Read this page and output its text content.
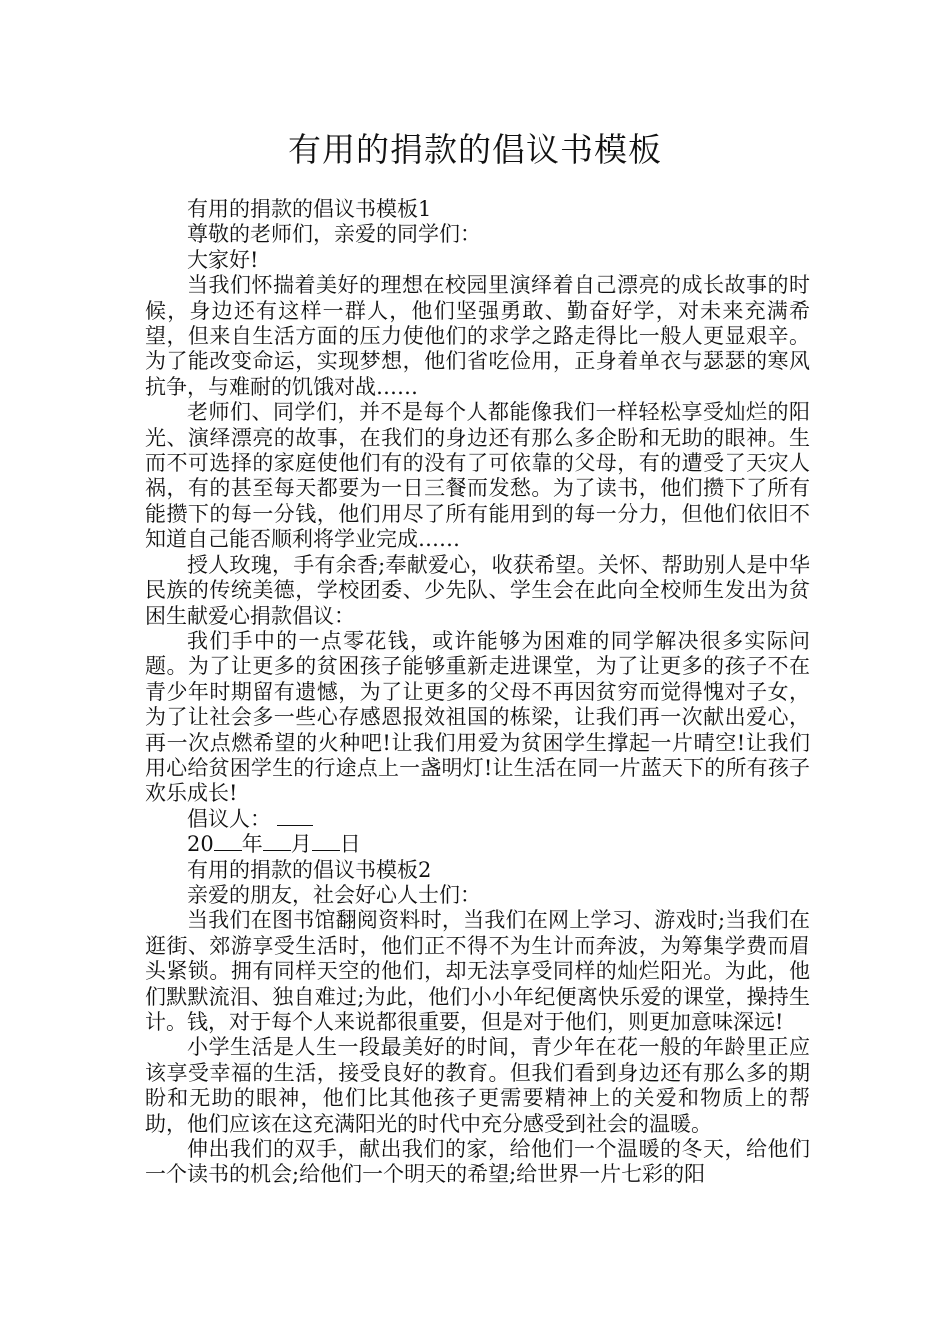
有用的捐款的倡议书模板

有用的捐款的倡议书模板1

尊敬的老师们，亲爱的同学们：

大家好!

当我们怀揣着美好的理想在校园里演绎着自己漂亮的成长故事的时候，身边还有这样一群人，他们坚强勇敢、勤奋好学，对未来充满希望，但来自生活方面的压力使他们的求学之路走得比一般人更显艰辛。为了能改变命运，实现梦想，他们省吃俭用，正身着单衣与瑟瑟的寒风抗争，与难耐的饥饿对战……

老师们、同学们，并不是每个人都能像我们一样轻松享受灿烂的阳光、演绎漂亮的故事，在我们的身边还有那么多企盼和无助的眼神。生而不可选择的家庭使他们有的没有了可依靠的父母，有的遭受了天灾人祸，有的甚至每天都要为一日三餐而发愁。为了读书，他们攒下了所有能攒下的每一分钱，他们用尽了所有能用到的每一分力，但他们依旧不知道自己能否顺利将学业完成……

授人玫瑰，手有余香;奉献爱心，收获希望。关怀、帮助别人是中华民族的传统美德，学校团委、少先队、学生会在此向全校师生发出为贫困生献爱心捐款倡议：

我们手中的一点零花钱，或许能够为困难的同学解决很多实际问题。为了让更多的贫困孩子能够重新走进课堂，为了让更多的孩子不在青少年时期留有遗憾，为了让更多的父母不再因贫穷而觉得愧对子女，为了让社会多一些心存感恩报效祖国的栋梁，让我们再一次献出爱心，再一次点燃希望的火种吧!让我们用爱为贫困学生撑起一片晴空!让我们用心给贫困学生的行途点上一盏明灯!让生活在同一片蓝天下的所有孩子欢乐成长!

倡议人：

20 年 月 日

有用的捐款的倡议书模板2

亲爱的朋友，社会好心人士们：

当我们在图书馆翻阅资料时，当我们在网上学习、游戏时;当我们在逛街、郊游享受生活时，他们正不得不为生计而奔波，为筹集学费而眉头紧锁。拥有同样天空的他们，却无法享受同样的灿烂阳光。为此，他们默默流泪、独自难过;为此，他们小小年纪便离快乐爱的课堂，操持生计。钱，对于每个人来说都很重要，但是对于他们，则更加意味深远!

小学生活是人生一段最美好的时间，青少年在花一般的年龄里正应该享受幸福的生活，接受良好的教育。但我们看到身边还有那么多的期盼和无助的眼神，他们比其他孩子更需要精神上的关爱和物质上的帮助，他们应该在这充满阳光的时代中充分感受到社会的温暖。

伸出我们的双手，献出我们的家，给他们一个温暖的冬天，给他们一个读书的机会;给他们一个明天的希望;给世界一片七彩的阳
